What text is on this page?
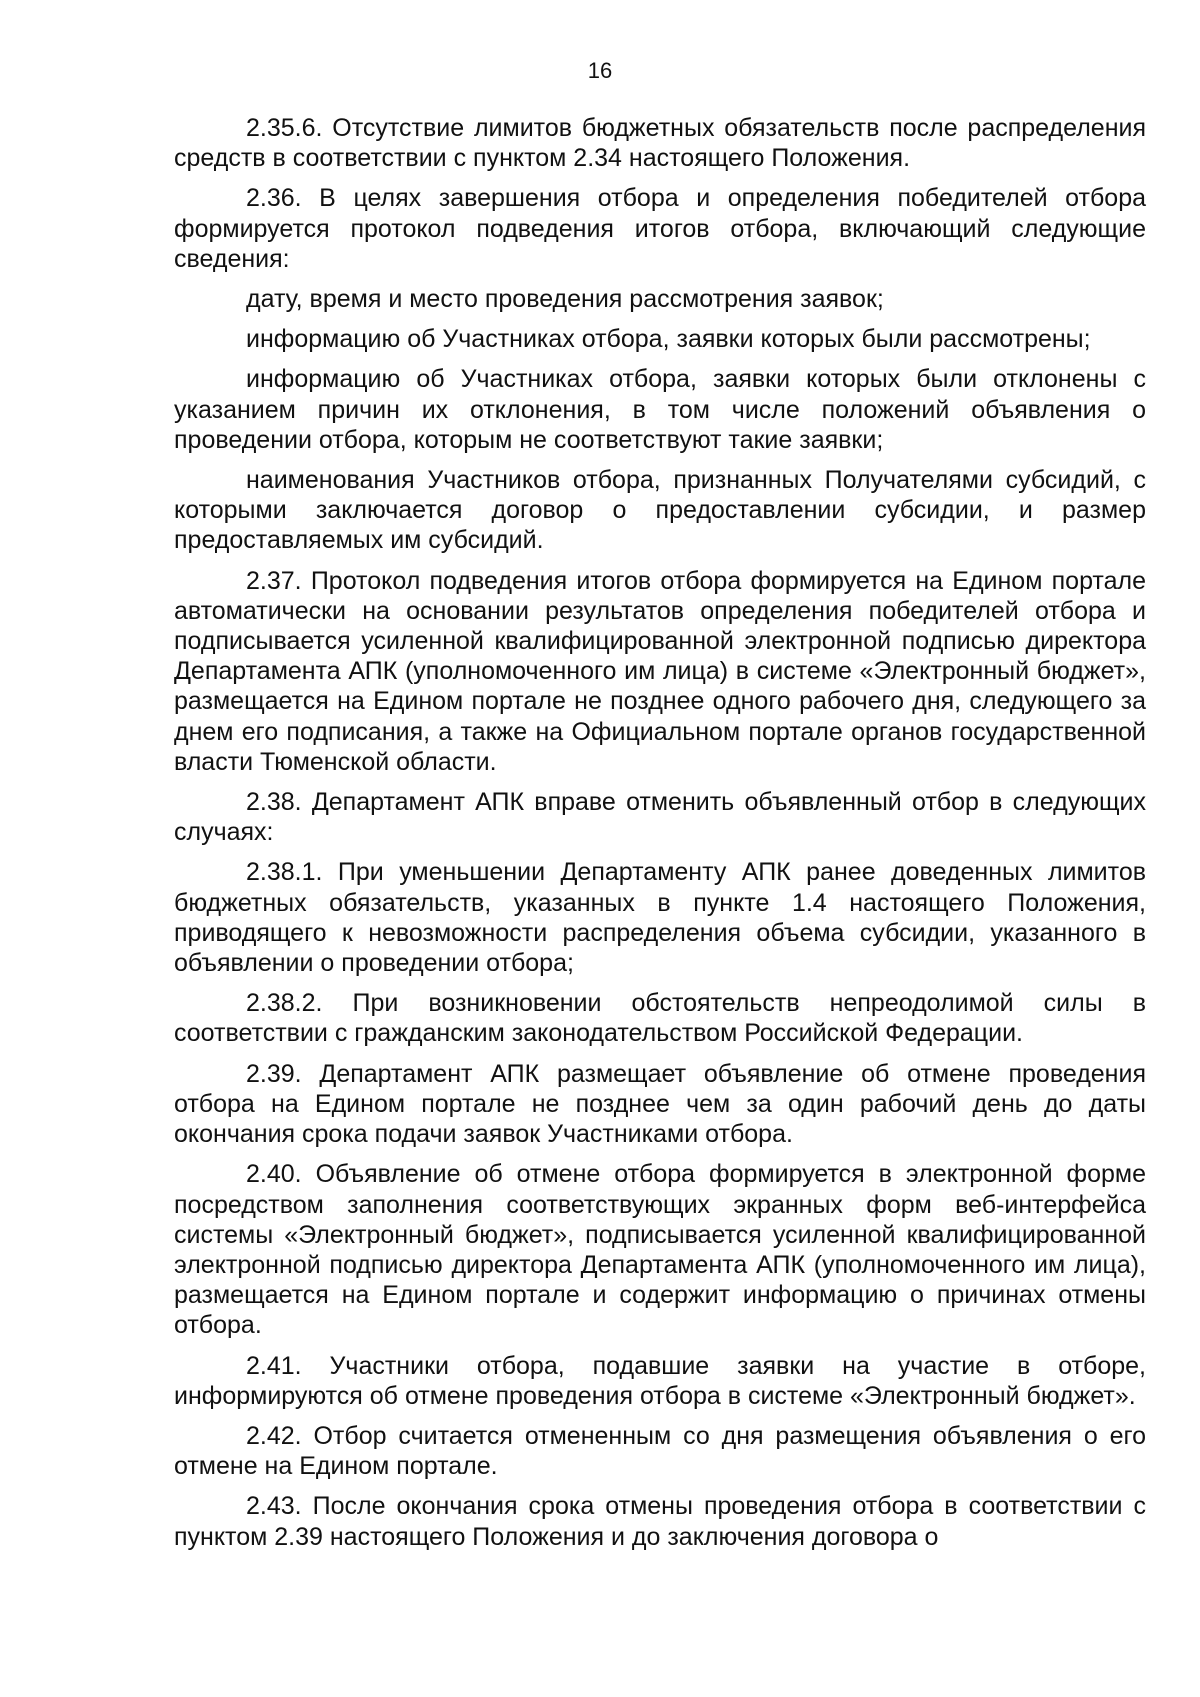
16

2.35.6. Отсутствие лимитов бюджетных обязательств после распределения средств в соответствии с пунктом 2.34 настоящего Положения.

2.36. В целях завершения отбора и определения победителей отбора формируется протокол подведения итогов отбора, включающий следующие сведения:

дату, время и место проведения рассмотрения заявок;

информацию об Участниках отбора, заявки которых были рассмотрены;

информацию об Участниках отбора, заявки которых были отклонены с указанием причин их отклонения, в том числе положений объявления о проведении отбора, которым не соответствуют такие заявки;

наименования Участников отбора, признанных Получателями субсидий, с которыми заключается договор о предоставлении субсидии, и размер предоставляемых им субсидий.

2.37. Протокол подведения итогов отбора формируется на Едином портале автоматически на основании результатов определения победителей отбора и подписывается усиленной квалифицированной электронной подписью директора Департамента АПК (уполномоченного им лица) в системе «Электронный бюджет», размещается на Едином портале не позднее одного рабочего дня, следующего за днем его подписания, а также на Официальном портале органов государственной власти Тюменской области.

2.38. Департамент АПК вправе отменить объявленный отбор в следующих случаях:

2.38.1. При уменьшении Департаменту АПК ранее доведенных лимитов бюджетных обязательств, указанных в пункте 1.4 настоящего Положения, приводящего к невозможности распределения объема субсидии, указанного в объявлении о проведении отбора;

2.38.2. При возникновении обстоятельств непреодолимой силы в соответствии с гражданским законодательством Российской Федерации.

2.39. Департамент АПК размещает объявление об отмене проведения отбора на Едином портале не позднее чем за один рабочий день до даты окончания срока подачи заявок Участниками отбора.

2.40. Объявление об отмене отбора формируется в электронной форме посредством заполнения соответствующих экранных форм веб-интерфейса системы «Электронный бюджет», подписывается усиленной квалифицированной электронной подписью директора Департамента АПК (уполномоченного им лица), размещается на Едином портале и содержит информацию о причинах отмены отбора.

2.41. Участники отбора, подавшие заявки на участие в отборе, информируются об отмене проведения отбора в системе «Электронный бюджет».

2.42. Отбор считается отмененным со дня размещения объявления о его отмене на Едином портале.

2.43. После окончания срока отмены проведения отбора в соответствии с пунктом 2.39 настоящего Положения и до заключения договора о
